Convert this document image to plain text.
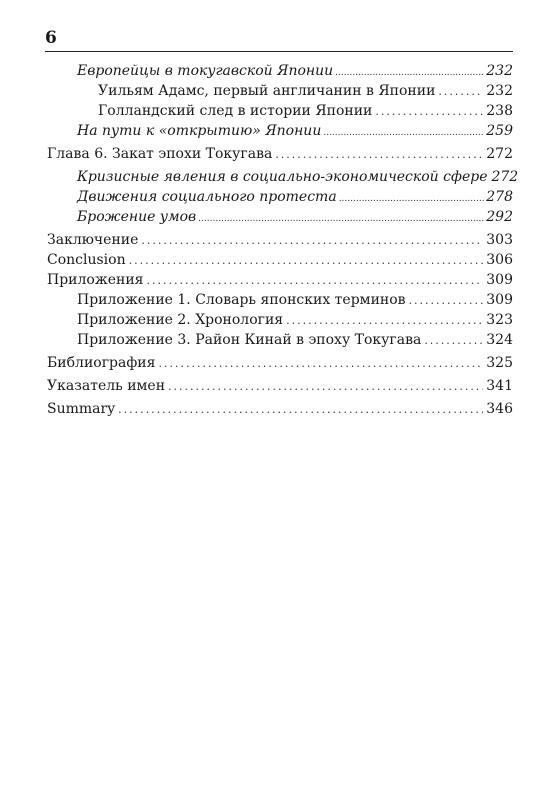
6
Европейцы в токугавской Японии .....	232
Уильям Адамс, первый англичанин в Японии .....	232
Голландский след в истории Японии .....	238
На пути к «открытию» Японии .....	259
Глава 6. Закат эпохи Токугава .....	272
Кризисные явления в социально-экономической сфере 272
Движения социального протеста .....	278
Брожение умов .....	292
Заключение .....	303
Conclusion .....	306
Приложения .....	309
Приложение 1. Словарь японских терминов .....	309
Приложение 2. Хронология .....	323
Приложение 3. Район Кинай в эпоху Токугава .....	324
Библиография .....	325
Указатель имен .....	341
Summary .....	346
